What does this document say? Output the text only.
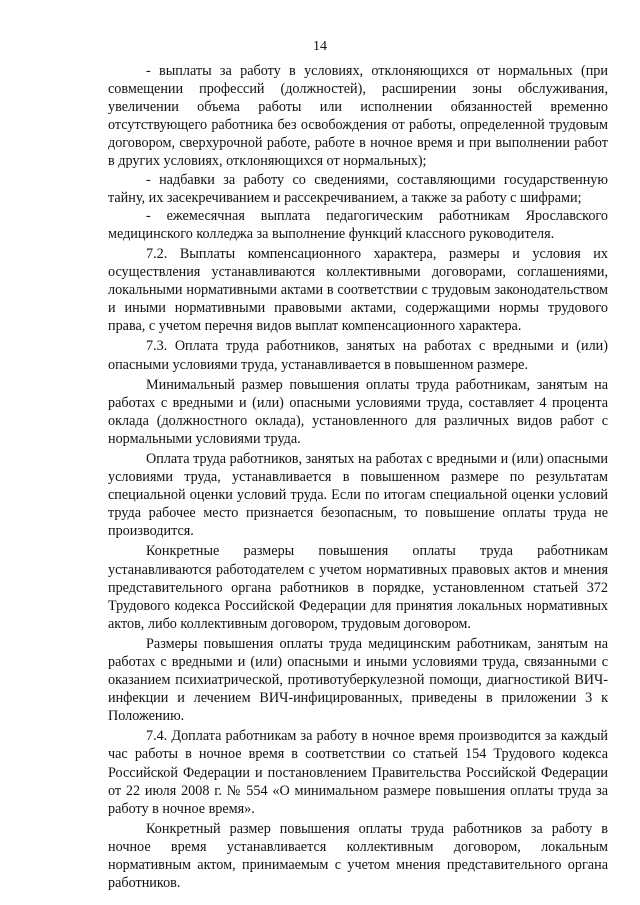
14

- выплаты за работу в условиях, отклоняющихся от нормальных (при совмещении профессий (должностей), расширении зоны обслуживания, увеличении объема работы или исполнении обязанностей временно отсутствующего работника без освобождения от работы, определенной трудовым договором, сверхурочной работе, работе в ночное время и при выполнении работ в других условиях, отклоняющихся от нормальных);

- надбавки за работу со сведениями, составляющими государственную тайну, их засекречиванием и рассекречиванием, а также за работу с шифрами;

- ежемесячная выплата педагогическим работникам Ярославского медицинского колледжа за выполнение функций классного руководителя.

7.2. Выплаты компенсационного характера, размеры и условия их осуществления устанавливаются коллективными договорами, соглашениями, локальными нормативными актами в соответствии с трудовым законодательством и иными нормативными правовыми актами, содержащими нормы трудового права, с учетом перечня видов выплат компенсационного характера.

7.3. Оплата труда работников, занятых на работах с вредными и (или) опасными условиями труда, устанавливается в повышенном размере.

Минимальный размер повышения оплаты труда работникам, занятым на работах с вредными и (или) опасными условиями труда, составляет 4 процента оклада (должностного оклада), установленного для различных видов работ с нормальными условиями труда.

Оплата труда работников, занятых на работах с вредными и (или) опасными условиями труда, устанавливается в повышенном размере по результатам специальной оценки условий труда. Если по итогам специальной оценки условий труда рабочее место признается безопасным, то повышение оплаты труда не производится.

Конкретные размеры повышения оплаты труда работникам устанавливаются работодателем с учетом нормативных правовых актов и мнения представительного органа работников в порядке, установленном статьей 372 Трудового кодекса Российской Федерации для принятия локальных нормативных актов, либо коллективным договором, трудовым договором.

Размеры повышения оплаты труда медицинским работникам, занятым на работах с вредными и (или) опасными и иными условиями труда, связанными с оказанием психиатрической, противотуберкулезной помощи, диагностикой ВИЧ-инфекции и лечением ВИЧ-инфицированных, приведены в приложении 3 к Положению.

7.4. Доплата работникам за работу в ночное время производится за каждый час работы в ночное время в соответствии со статьей 154 Трудового кодекса Российской Федерации и постановлением Правительства Российской Федерации от 22 июля 2008 г. № 554 «О минимальном размере повышения оплаты труда за работу в ночное время».

Конкретный размер повышения оплаты труда работников за работу в ночное время устанавливается коллективным договором, локальным нормативным актом, принимаемым с учетом мнения представительного органа работников.
